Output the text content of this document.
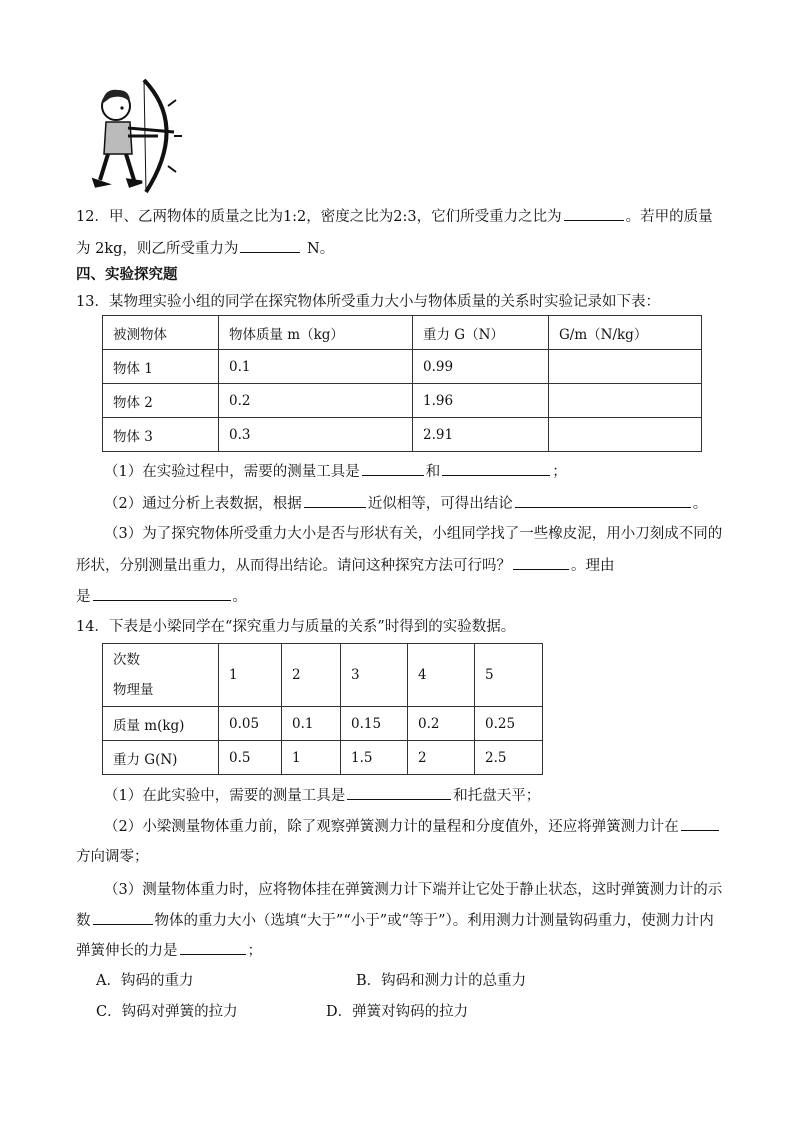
12．甲、乙两物体的质量之比为1:2，密度之比为2:3，它们所受重力之比为	。若甲的质量
为 2kg，则乙所受重力为	N。
四、实验探究题
13．某物理实验小组的同学在探究物体所受重力大小与物体质量的关系时实验记录如下表：
被测物体	物体质量 m（kg）	重力 G（N）	G/m（N/kg）
物体 1	0.1	0.99	
物体 2	0.2	1.96	
物体 3	0.3	2.91	
（1）在实验过程中，需要的测量工具是	和	；
（2）通过分析上表数据，根据	近似相等，可得出结论	。
（3）为了探究物体所受重力大小是否与形状有关，小组同学找了一些橡皮泥，用小刀刻成不同的
形状，分别测量出重力，从而得出结论。请问这种探究方法可行吗？	。理由
是	。
14．下表是小梁同学在“探究重力与质量的关系”时得到的实验数据。
次数
物理量	1	2	3	4	5
质量 m(kg)	0.05	0.1	0.15	0.2	0.25
重力 G(N)	0.5	1	1.5	2	2.5
（1）在此实验中，需要的测量工具是	和托盘天平；
（2）小梁测量物体重力前，除了观察弹簧测力计的量程和分度值外，还应将弹簧测力计在
方向调零；
（3）测量物体重力时，应将物体挂在弹簧测力计下端并让它处于静止状态，这时弹簧测力计的示
数	物体的重力大小（选填“大于”“小于”或“等于”）。利用测力计测量钩码重力，使测力计内
弹簧伸长的力是	；
A．钩码的重力	B．钩码和测力计的总重力
C．钩码对弹簧的拉力	D．弹簧对钩码的拉力
